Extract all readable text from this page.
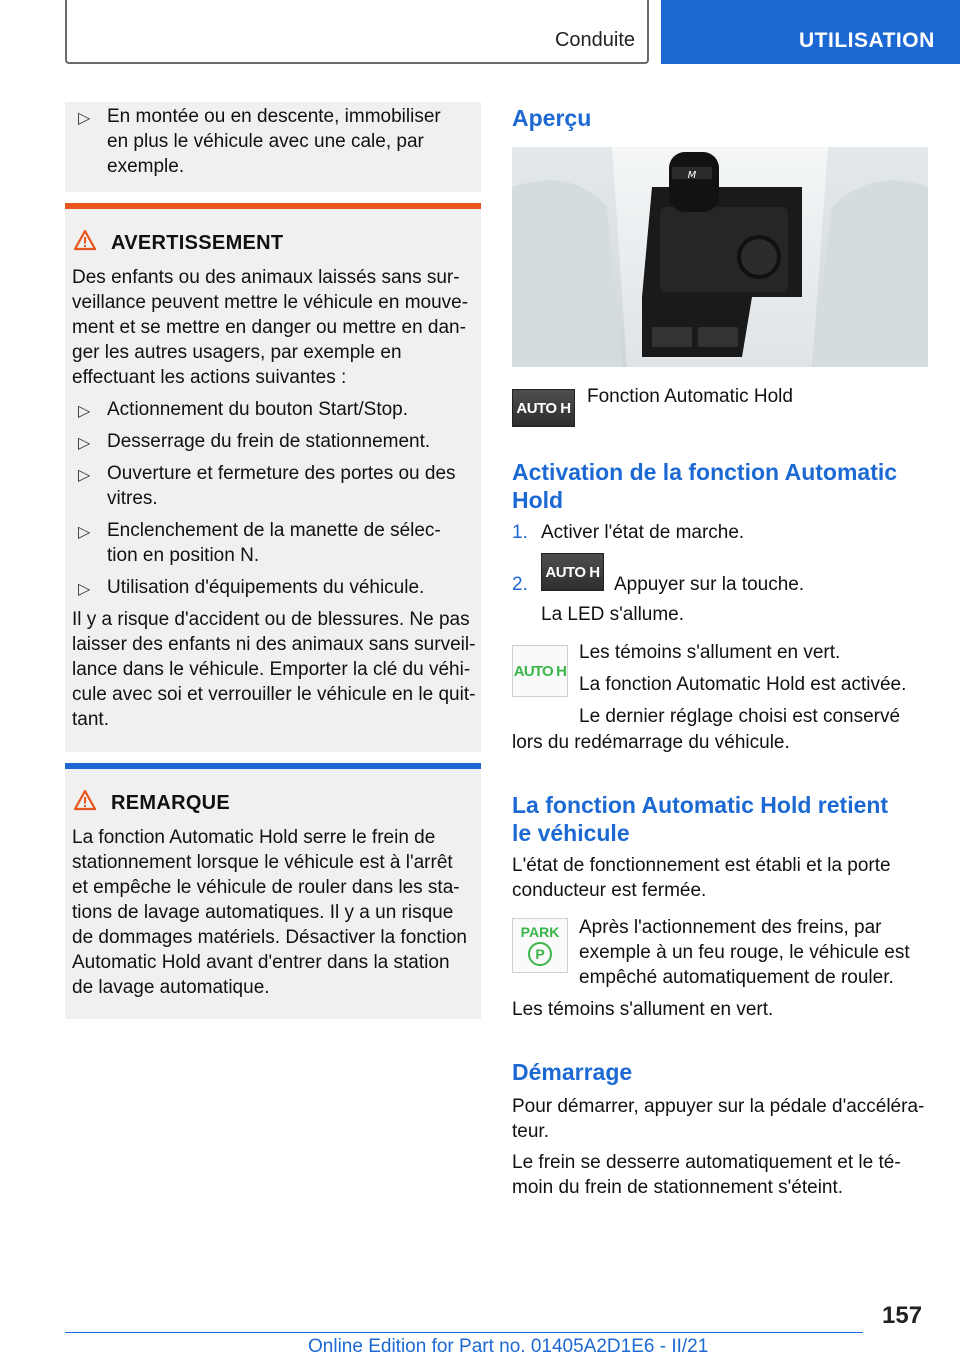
Conduite	UTILISATION
▷ En montée ou en descente, immobiliser
en plus le véhicule avec une cale, par
exemple.
AVERTISSEMENT
Des enfants ou des animaux laissés sans sur-
veillance peuvent mettre le véhicule en mouve-
ment et se mettre en danger ou mettre en dan-
ger les autres usagers, par exemple en
effectuant les actions suivantes :
▷ Actionnement du bouton Start/Stop.
▷ Desserrage du frein de stationnement.
▷ Ouverture et fermeture des portes ou des
vitres.
▷ Enclenchement de la manette de sélec-
tion en position N.
▷ Utilisation d'équipements du véhicule.
Il y a risque d'accident ou de blessures. Ne pas
laisser des enfants ni des animaux sans surveil-
lance dans le véhicule. Emporter la clé du véhi-
cule avec soi et verrouiller le véhicule en le quit-
tant.
REMARQUE
La fonction Automatic Hold serre le frein de
stationnement lorsque le véhicule est à l'arrêt
et empêche le véhicule de rouler dans les sta-
tions de lavage automatiques. Il y a un risque
de dommages matériels. Désactiver la fonction
Automatic Hold avant d'entrer dans la station
de lavage automatique.
Aperçu
M
AUTO H
Fonction Automatic Hold
Activation de la fonction Automatic
Hold
1. Activer l'état de marche.
2.
AUTO H
Appuyer sur la touche.
La LED s'allume.
AUTO H
Les témoins s'allument en vert.
La fonction Automatic Hold est activée.
Le dernier réglage choisi est conservé
lors du redémarrage du véhicule.
La fonction Automatic Hold retient
le véhicule
L'état de fonctionnement est établi et la porte
conducteur est fermée.
PARK
P
Après l'actionnement des freins, par
exemple à un feu rouge, le véhicule est
empêché automatiquement de rouler.
Les témoins s'allument en vert.
Démarrage
Pour démarrer, appuyer sur la pédale d'accéléra-
teur.
Le frein se desserre automatiquement et le té-
moin du frein de stationnement s'éteint.
157
Online Edition for Part no. 01405A2D1E6 - II/21
